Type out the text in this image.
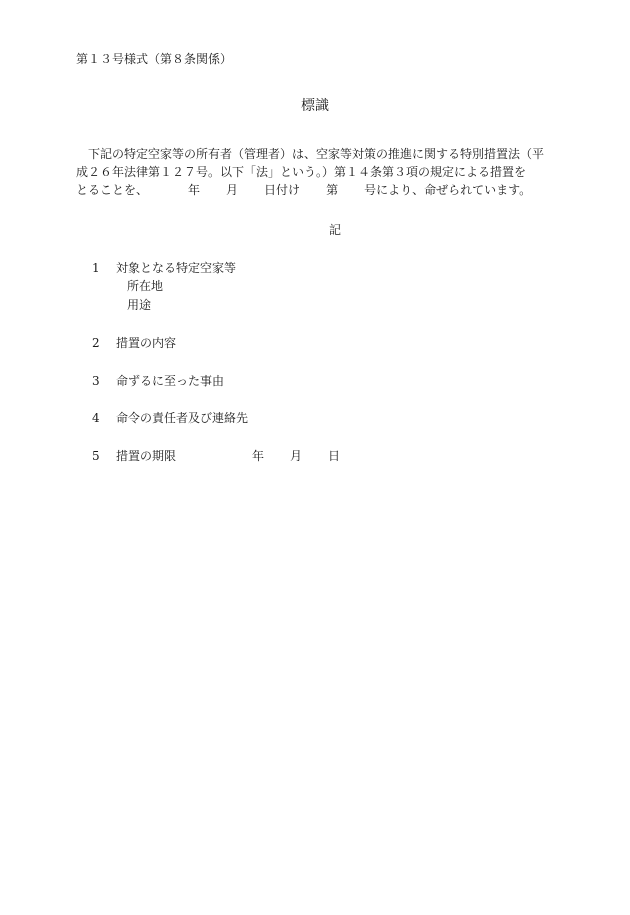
第１３号様式（第８条関係）
標識
下記の特定空家等の所有者（管理者）は、空家等対策の推進に関する特別措置法（平
成２６年法律第１２７号。以下「法」という。）第１４条第３項の規定による措置を
とることを、	年 月 日付け 第 号により、命ぜられています。
記
1 対象となる特定空家等
所在地
用途
2 措置の内容
3 命ずるに至った事由
4 命令の責任者及び連絡先
5 措置の期限	年 月 日
